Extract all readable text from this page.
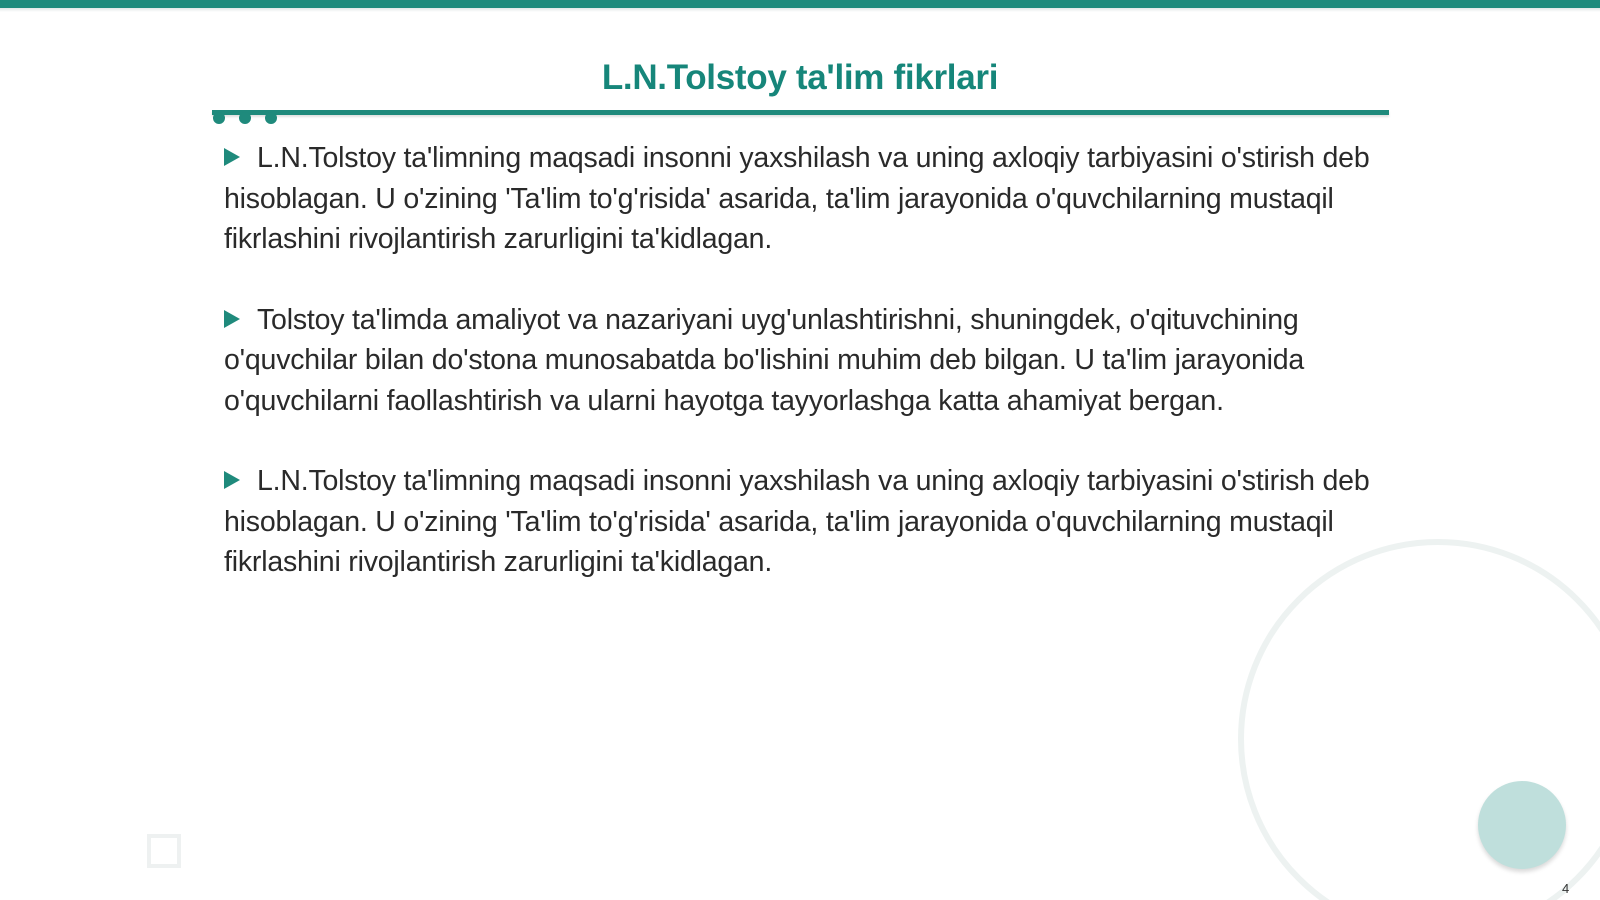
L.N.Tolstoy ta'lim fikrlari

L.N.Tolstoy ta'limning maqsadi insonni yaxshilash va uning axloqiy tarbiyasini o'stirish deb hisoblagan. U o'zining 'Ta'lim to'g'risida' asarida, ta'lim jarayonida o'quvchilarning mustaqil fikrlashini rivojlantirish zarurligini ta'kidlagan.

Tolstoy ta'limda amaliyot va nazariyani uyg'unlashtirishni, shuningdek, o'qituvchining o'quvchilar bilan do'stona munosabatda bo'lishini muhim deb bilgan. U ta'lim jarayonida o'quvchilarni faollashtirish va ularni hayotga tayyorlashga katta ahamiyat bergan.

L.N.Tolstoy ta'limning maqsadi insonni yaxshilash va uning axloqiy tarbiyasini o'stirish deb hisoblagan. U o'zining 'Ta'lim to'g'risida' asarida, ta'lim jarayonida o'quvchilarning mustaqil fikrlashini rivojlantirish zarurligini ta'kidlagan.

4
